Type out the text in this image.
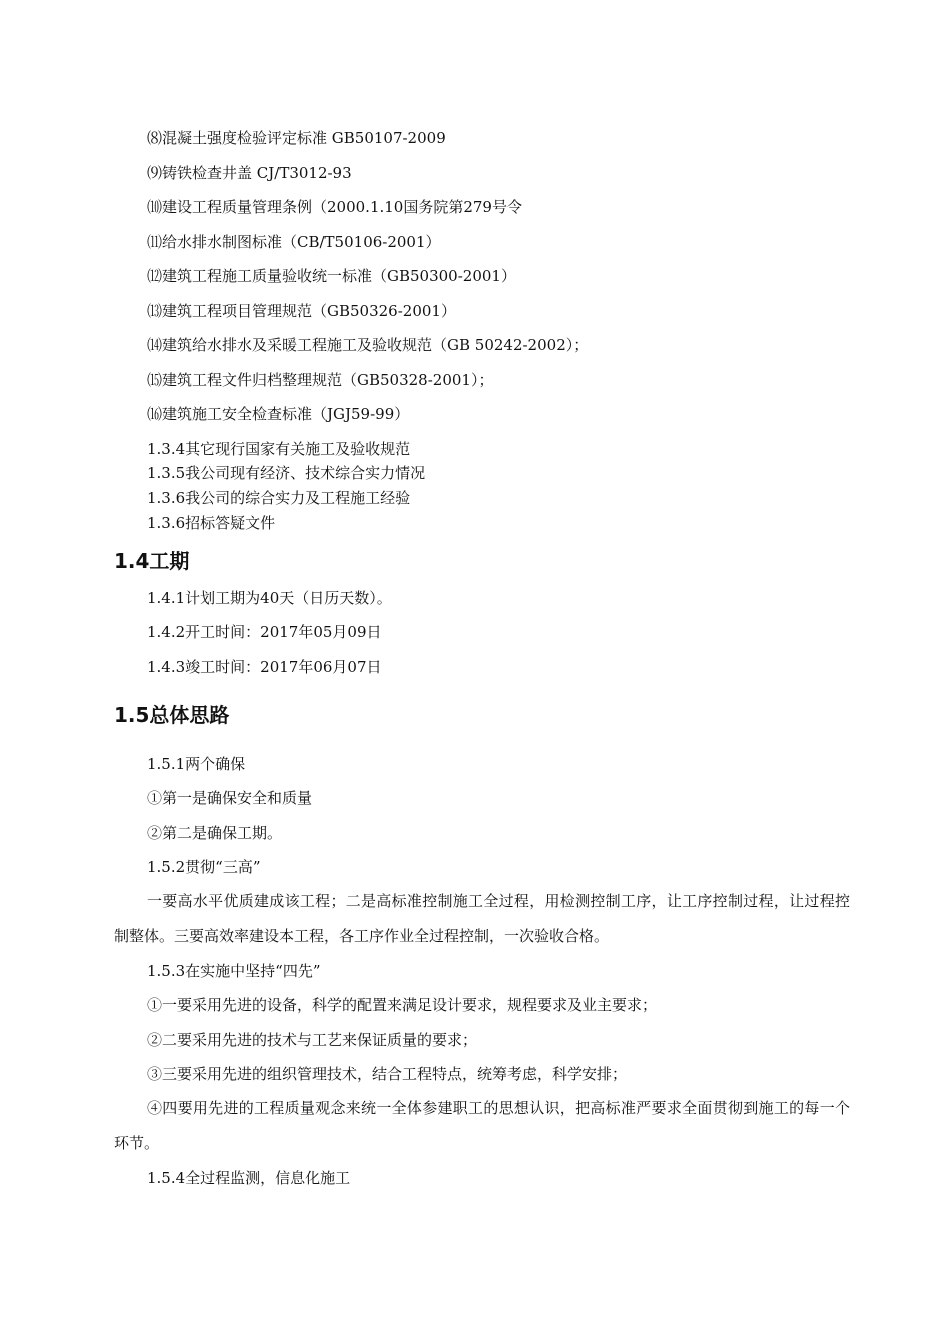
⑻混凝土强度检验评定标准 GB50107-2009
⑼铸铁检查井盖 CJ/T3012-93
⑽建设工程质量管理条例（2000.1.10国务院第279号令
⑾给水排水制图标准（CB/T50106-2001）
⑿建筑工程施工质量验收统一标准（GB50300-2001）
⒀建筑工程项目管理规范（GB50326-2001）
⒁建筑给水排水及采暖工程施工及验收规范（GB 50242-2002）；
⒂建筑工程文件归档整理规范（GB50328-2001）；
⒃建筑施工安全检查标准（JGJ59-99）
1.3.4其它现行国家有关施工及验收规范
1.3.5我公司现有经济、技术综合实力情况
1.3.6我公司的综合实力及工程施工经验
1.3.6招标答疑文件
1.4工期
1.4.1计划工期为40天（日历天数）。
1.4.2开工时间：2017年05月09日
1.4.3竣工时间：2017年06月07日
1.5总体思路
1.5.1两个确保
①第一是确保安全和质量
②第二是确保工期。
1.5.2贯彻“三高”
一要高水平优质建成该工程；二是高标准控制施工全过程，用检测控制工序，让工序控制过程，让过程控制整体。三要高效率建设本工程，各工序作业全过程控制，一次验收合格。
1.5.3在实施中坚持“四先”
①一要采用先进的设备，科学的配置来满足设计要求，规程要求及业主要求；
②二要采用先进的技术与工艺来保证质量的要求；
③三要采用先进的组织管理技术，结合工程特点，统筹考虑，科学安排；
④四要用先进的工程质量观念来统一全体参建职工的思想认识，把高标准严要求全面贯彻到施工的每一个环节。
1.5.4全过程监测，信息化施工
